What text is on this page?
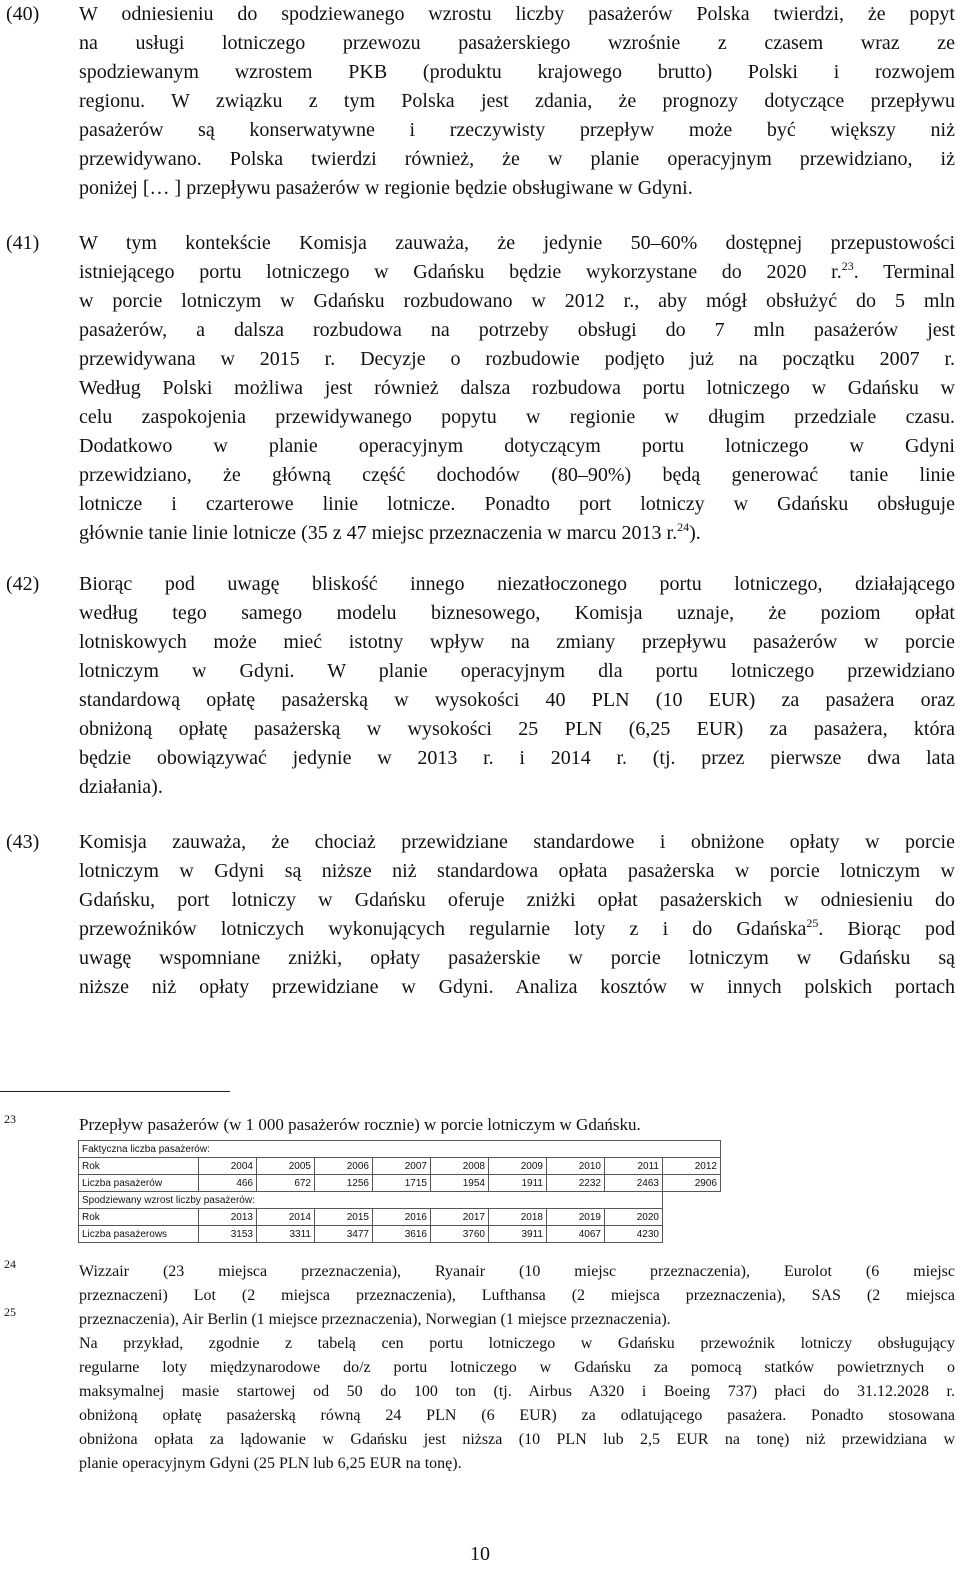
(40) W odniesieniu do spodziewanego wzrostu liczby pasażerów Polska twierdzi, że popyt
na usługi lotniczego przewozu pasażerskiego wzrośnie z czasem wraz ze
spodziewanym wzrostem PKB (produktu krajowego brutto) Polski i rozwojem
regionu. W związku z tym Polska jest zdania, że prognozy dotyczące przepływu
pasażerów są konserwatywne i rzeczywisty przepływ może być większy niż
przewidywano. Polska twierdzi również, że w planie operacyjnym przewidziano, iż
poniżej [… ] przepływu pasażerów w regionie będzie obsługiwane w Gdyni.
(41) W tym kontekście Komisja zauważa, że jedynie 50–60% dostępnej przepustowości
istniejącego portu lotniczego w Gdańsku będzie wykorzystane do 2020 r.$^{23}$. Terminal
w porcie lotniczym w Gdańsku rozbudowano w 2012 r., aby mógł obsłużyć do 5 mln
pasażerów, a dalsza rozbudowa na potrzeby obsługi do 7 mln pasażerów jest
przewidywana w 2015 r. Decyzje o rozbudowie podjęto już na początku 2007 r.
Według Polski możliwa jest również dalsza rozbudowa portu lotniczego w Gdańsku w
celu zaspokojenia przewidywanego popytu w regionie w długim przedziale czasu.
Dodatkowo w planie operacyjnym dotyczącym portu lotniczego w Gdyni
przewidziano, że główną część dochodów (80–90%) będą generować tanie linie
lotnicze i czarterowe linie lotnicze. Ponadto port lotniczy w Gdańsku obsługuje
głównie tanie linie lotnicze (35 z 47 miejsc przeznaczenia w marcu 2013 r.$^{24}$).
(42) Biorąc pod uwagę bliskość innego niezatłoczonego portu lotniczego, działającego
według tego samego modelu biznesowego, Komisja uznaje, że poziom opłat
lotniskowych może mieć istotny wpływ na zmiany przepływu pasażerów w porcie
lotniczym w Gdyni. W planie operacyjnym dla portu lotniczego przewidziano
standardową opłatę pasażerską w wysokości 40 PLN (10 EUR) za pasażera oraz
obniżoną opłatę pasażerską w wysokości 25 PLN (6,25 EUR) za pasażera, która
będzie obowiązywać jedynie w 2013 r. i 2014 r. (tj. przez pierwsze dwa lata
działania).
(43) Komisja zauważa, że chociaż przewidziane standardowe i obniżone opłaty w porcie
lotniczym w Gdyni są niższe niż standardowa opłata pasażerska w porcie lotniczym w
Gdańsku, port lotniczy w Gdańsku oferuje zniżki opłat pasażerskich w odniesieniu do
przewoźników lotniczych wykonujących regularnie loty z i do Gdańska$^{25}$. Biorąc pod
uwagę wspomniane zniżki, opłaty pasażerskie w porcie lotniczym w Gdańsku są
niższe niż opłaty przewidziane w Gdyni. Analiza kosztów w innych polskich portach
23	Przepływ pasażerów (w 1 000 pasażerów rocznie) w porcie lotniczym w Gdańsku.
Faktyczna liczba pasażerów:									
Rok	2004	2005	2006	2007	2008	2009	2010	2011	2012
Liczba pasażerów	466	672	1256	1715	1954	1911	2232	2463	2906
Spodziewany wzrost liczby pasażerów:									
Rok	2013	2014	2015	2016	2017	2018	2019	2020	
Liczba pasażerows	3153	3311	3477	3616	3760	3911	4067	4230	
24	Wizzair (23 miejsca przeznaczenia), Ryanair (10 miejsc przeznaczenia), Eurolot (6 miejsc
przeznaczeni) Lot (2 miejsca przeznaczenia), Lufthansa (2 miejsca przeznaczenia), SAS (2 miejsca
przeznaczenia), Air Berlin (1 miejsce przeznaczenia), Norwegian (1 miejsce przeznaczenia).
25
Na przykład, zgodnie z tabelą cen portu lotniczego w Gdańsku przewoźnik lotniczy obsługujący
regularne loty międzynarodowe do/z portu lotniczego w Gdańsku za pomocą statków powietrznych o
maksymalnej masie startowej od 50 do 100 ton (tj. Airbus A320 i Boeing 737) płaci do 31.12.2028 r.
obniżoną opłatę pasażerską równą 24 PLN (6 EUR) za odlatującego pasażera. Ponadto stosowana
obniżona opłata za lądowanie w Gdańsku jest niższa (10 PLN lub 2,5 EUR na tonę) niż przewidziana w
planie operacyjnym Gdyni (25 PLN lub 6,25 EUR na tonę).
10
